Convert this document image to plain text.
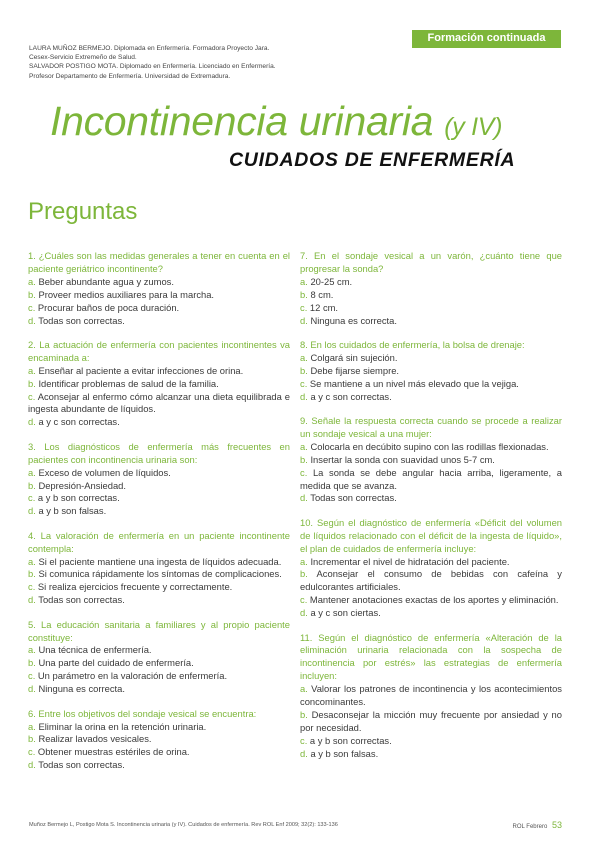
Formación continuada
LAURA MUÑOZ BERMEJO. Diplomada en Enfermería. Formadora Proyecto Jara.
Cesex-Servicio Extremeño de Salud.
SALVADOR POSTIGO MOTA. Diplomado en Enfermería. Licenciado en Enfermería.
Profesor Departamento de Enfermería. Universidad de Extremadura.
Incontinencia urinaria (y IV)
CUIDADOS DE ENFERMERÍA
Preguntas
1. ¿Cuáles son las medidas generales a tener en cuenta en el paciente geriátrico incontinente?
a. Beber abundante agua y zumos.
b. Proveer medios auxiliares para la marcha.
c. Procurar baños de poca duración.
d. Todas son correctas.
2. La actuación de enfermería con pacientes incontinentes va encaminada a:
a. Enseñar al paciente a evitar infecciones de orina.
b. Identificar problemas de salud de la familia.
c. Aconsejar al enfermo cómo alcanzar una dieta equilibrada e ingesta abundante de líquidos.
d. a y c son correctas.
3. Los diagnósticos de enfermería más frecuentes en pacientes con incontinencia urinaria son:
a. Exceso de volumen de líquidos.
b. Depresión-Ansiedad.
c. a y b son correctas.
d. a y b son falsas.
4. La valoración de enfermería en un paciente incontinente contempla:
a. Si el paciente mantiene una ingesta de líquidos adecuada.
b. Si comunica rápidamente los síntomas de complicaciones.
c. Si realiza ejercicios frecuente y correctamente.
d. Todas son correctas.
5. La educación sanitaria a familiares y al propio paciente constituye:
a. Una técnica de enfermería.
b. Una parte del cuidado de enfermería.
c. Un parámetro en la valoración de enfermería.
d. Ninguna es correcta.
6. Entre los objetivos del sondaje vesical se encuentra:
a. Eliminar la orina en la retención urinaria.
b. Realizar lavados vesicales.
c. Obtener muestras estériles de orina.
d. Todas son correctas.
7. En el sondaje vesical a un varón, ¿cuánto tiene que progresar la sonda?
a. 20-25 cm.
b. 8 cm.
c. 12 cm.
d. Ninguna es correcta.
8. En los cuidados de enfermería, la bolsa de drenaje:
a. Colgará sin sujeción.
b. Debe fijarse siempre.
c. Se mantiene a un nivel más elevado que la vejiga.
d. a y c son correctas.
9. Señale la respuesta correcta cuando se procede a realizar un sondaje vesical a una mujer:
a. Colocarla en decúbito supino con las rodillas flexionadas.
b. Insertar la sonda con suavidad unos 5-7 cm.
c. La sonda se debe angular hacia arriba, ligeramente, a medida que se avanza.
d. Todas son correctas.
10. Según el diagnóstico de enfermería «Déficit del volumen de líquidos relacionado con el déficit de la ingesta de líquido», el plan de cuidados de enfermería incluye:
a. Incrementar el nivel de hidratación del paciente.
b. Aconsejar el consumo de bebidas con cafeína y edulcorantes artificiales.
c. Mantener anotaciones exactas de los aportes y eliminación.
d. a y c son ciertas.
11. Según el diagnóstico de enfermería «Alteración de la eliminación urinaria relacionada con la sospecha de incontinencia por estrés» las estrategias de enfermería incluyen:
a. Valorar los patrones de incontinencia y los acontecimientos concominantes.
b. Desaconsejar la micción muy frecuente por ansiedad y no por necesidad.
c. a y b son correctas.
d. a y b son falsas.
Muñoz Bermejo L, Postigo Mota S. Incontinencia urinaria (y IV). Cuidados de enfermería. Rev ROL Enf 2009; 32(2): 133-136	ROL Febrero 53
